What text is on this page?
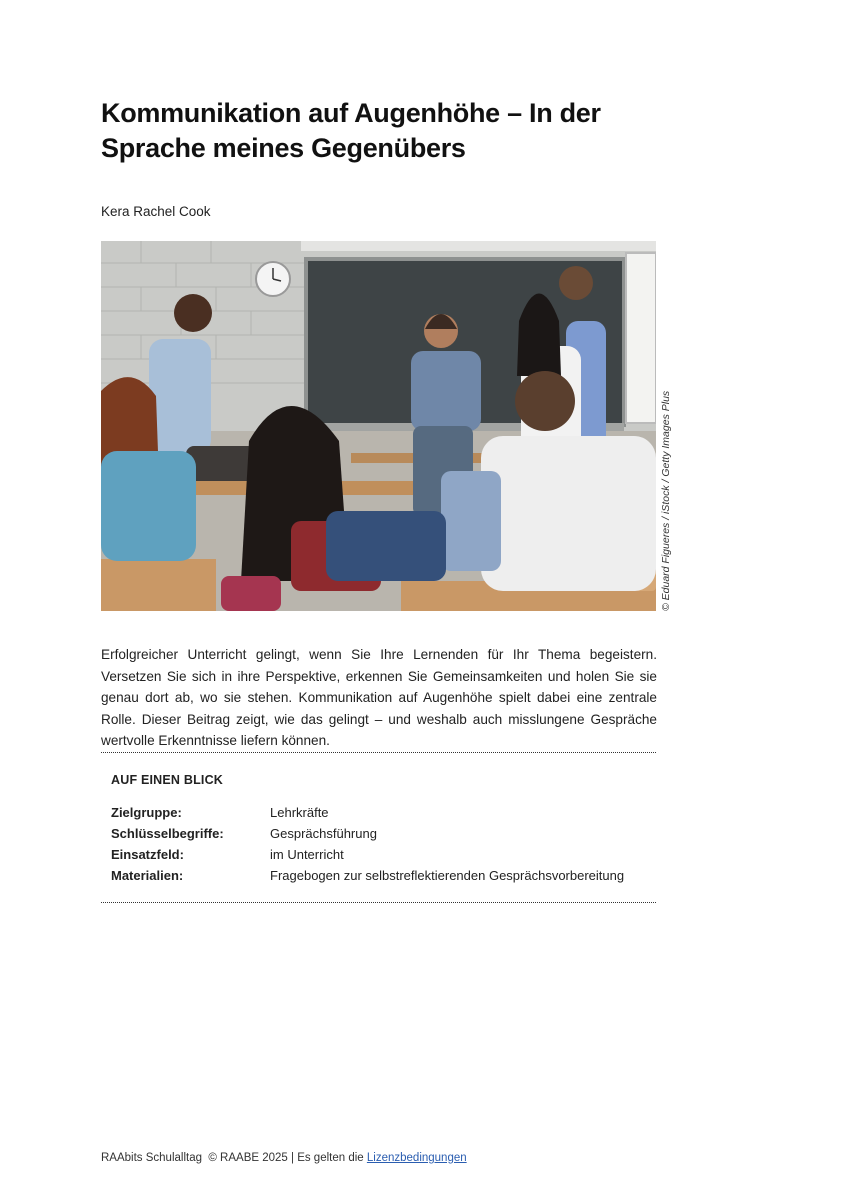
Kommunikation auf Augenhöhe – In der Sprache meines Gegenübers
Kera Rachel Cook
© Eduard Figueres / iStock / Getty Images Plus

Erfolgreicher Unterricht gelingt, wenn Sie Ihre Lernenden für Ihr Thema begeistern. Versetzen Sie sich in ihre Perspektive, erkennen Sie Gemeinsamkeiten und holen Sie sie genau dort ab, wo sie stehen. Kommunikation auf Augenhöhe spielt dabei eine zentrale Rolle. Dieser Beitrag zeigt, wie das gelingt – und weshalb auch misslungene Gespräche wertvolle Erkenntnisse liefern können.

AUF EINEN BLICK
Zielgruppe:	Lehrkräfte
Schlüsselbegriffe:	Gesprächsführung
Einsatzfeld:	im Unterricht
Materialien:	Fragebogen zur selbstreflektierenden Gesprächsvorbereitung
RAAbits Schulalltag  © RAABE 2025 | Es gelten die Lizenzbedingungen
